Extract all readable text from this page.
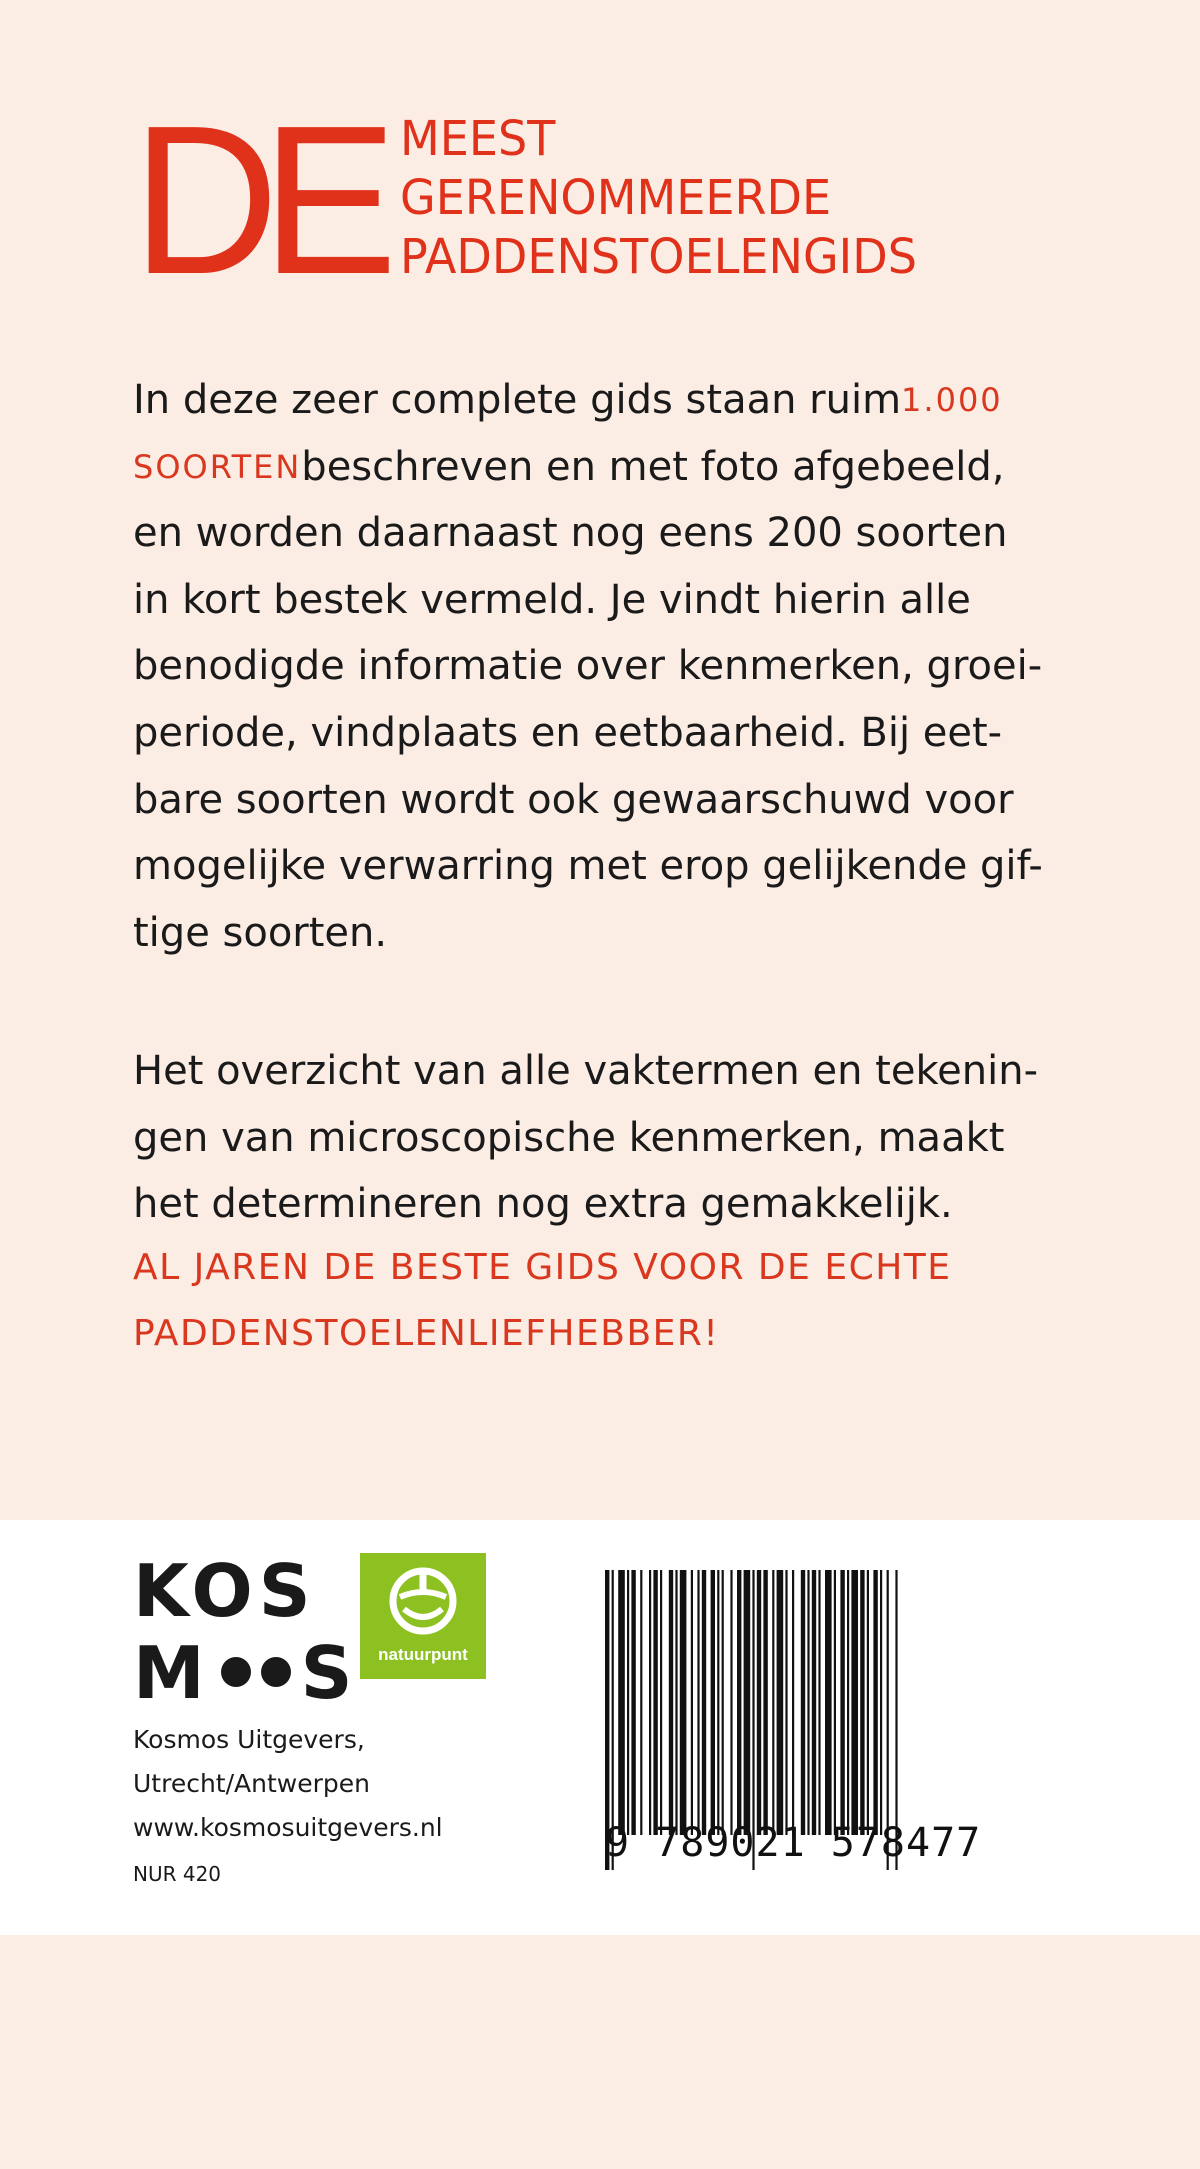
DE MEEST
GERENOMMEERDE
PADDENSTOELENGIDS
In deze zeer complete gids staan ruim 1.000
SOORTEN beschreven en met foto afgebeeld,
en worden daarnaast nog eens 200 soorten
in kort bestek vermeld. Je vindt hierin alle
benodigde informatie over kenmerken, groei-
periode, vindplaats en eetbaarheid. Bij eet-
bare soorten wordt ook gewaarschuwd voor
mogelijke verwarring met erop gelijkende gif-
tige soorten.
Het overzicht van alle vaktermen en tekenin-
gen van microscopische kenmerken, maakt
het determineren nog extra gemakkelijk.
AL JAREN DE BESTE GIDS VOOR DE ECHTE
PADDENSTOELENLIEFHEBBER!
KOS
M S	natuurpunt
Kosmos Uitgevers,
Utrecht/Antwerpen
www.kosmosuitgevers.nl
NUR 420
9 789021 578477
